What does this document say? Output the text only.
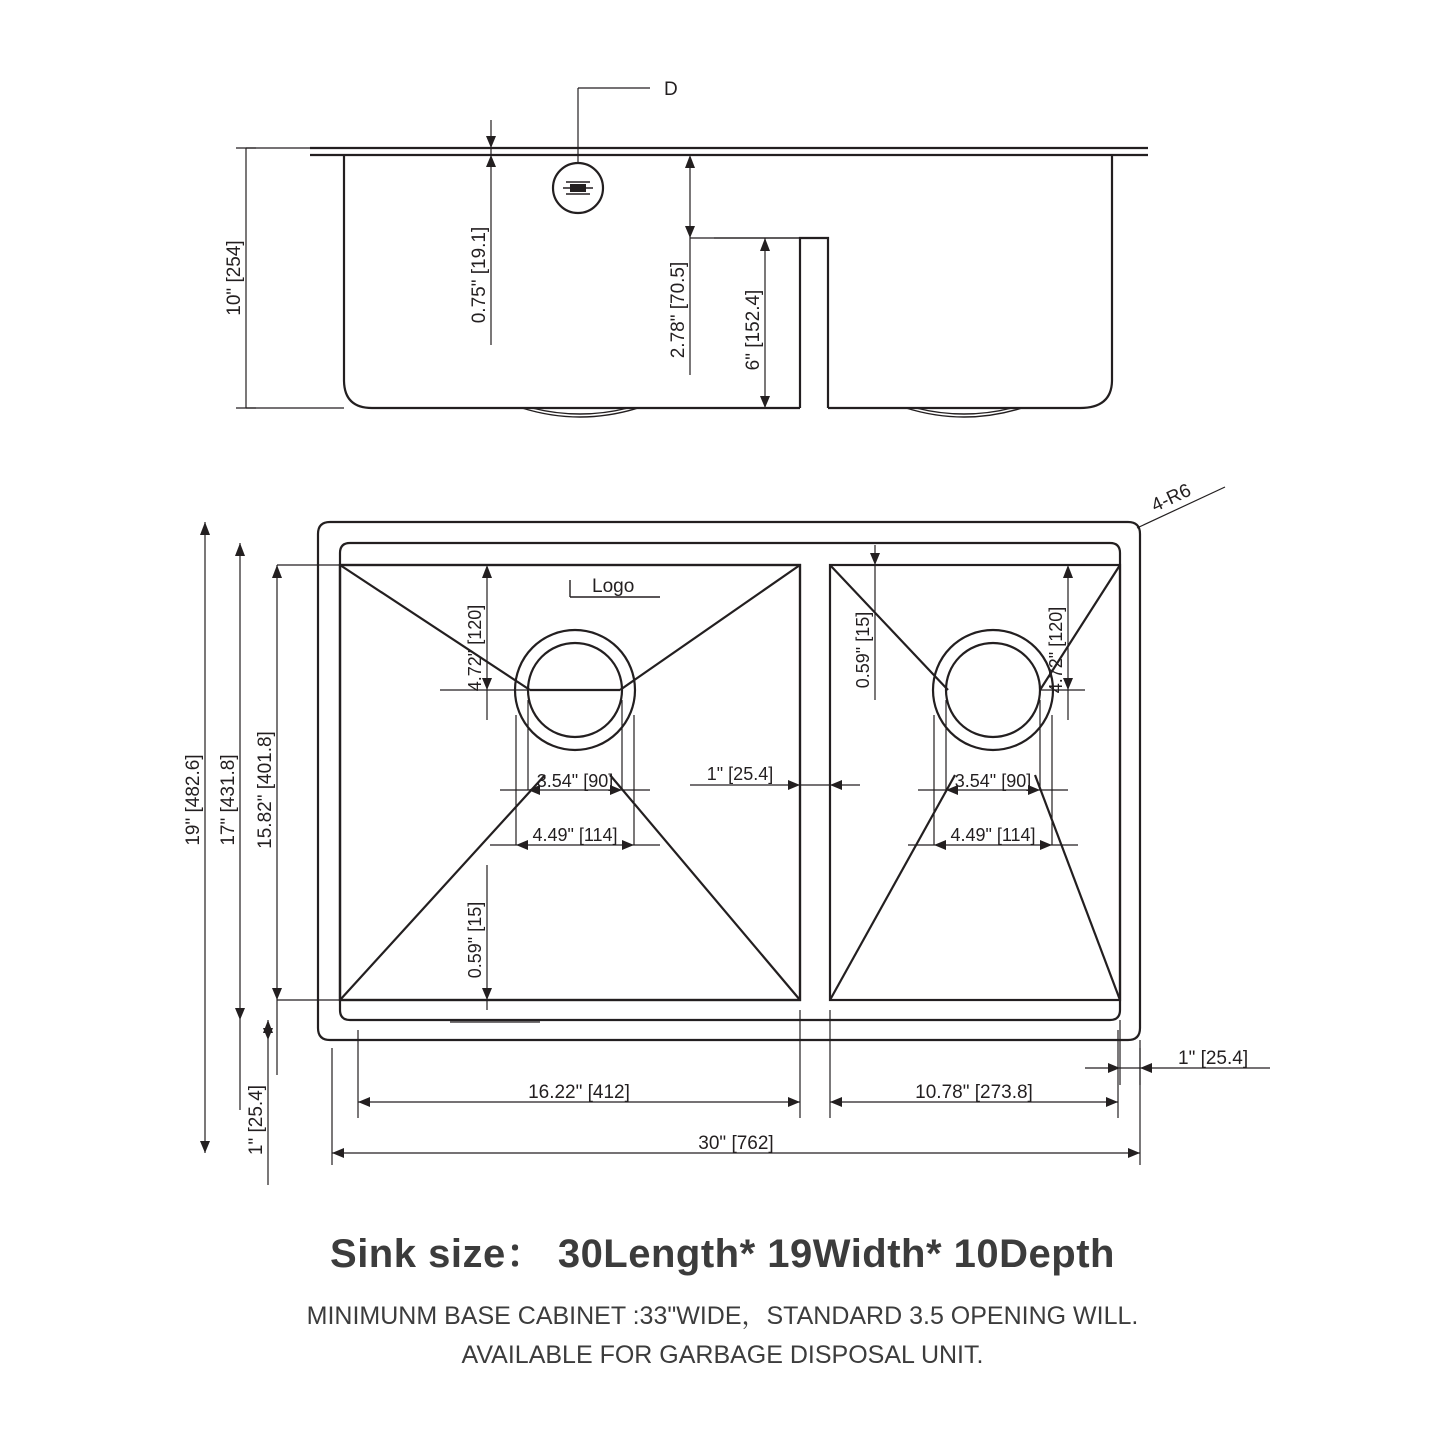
D
10" [254]	0.75" [19.1]	2.78" [70.5]	6" [152.4]
Logo
4-R6
19" [482.6] 17" [431.8] 15.82" [401.8]
1" [25.4]
4.72" [120]
0.59" [15]
3.54" [90]
4.49" [114]
1" [25.4]
0.59" [15]	4.72" [120]
3.54" [90]
4.49" [114]
16.22" [412]	10.78" [273.8]
30" [762]
1" [25.4]
Sink size： 30Length* 19Width* 10Depth
MINIMUNM BASE CABINET :33"WIDE，STANDARD 3.5 OPENING WILL.
AVAILABLE FOR GARBAGE DISPOSAL UNIT.
